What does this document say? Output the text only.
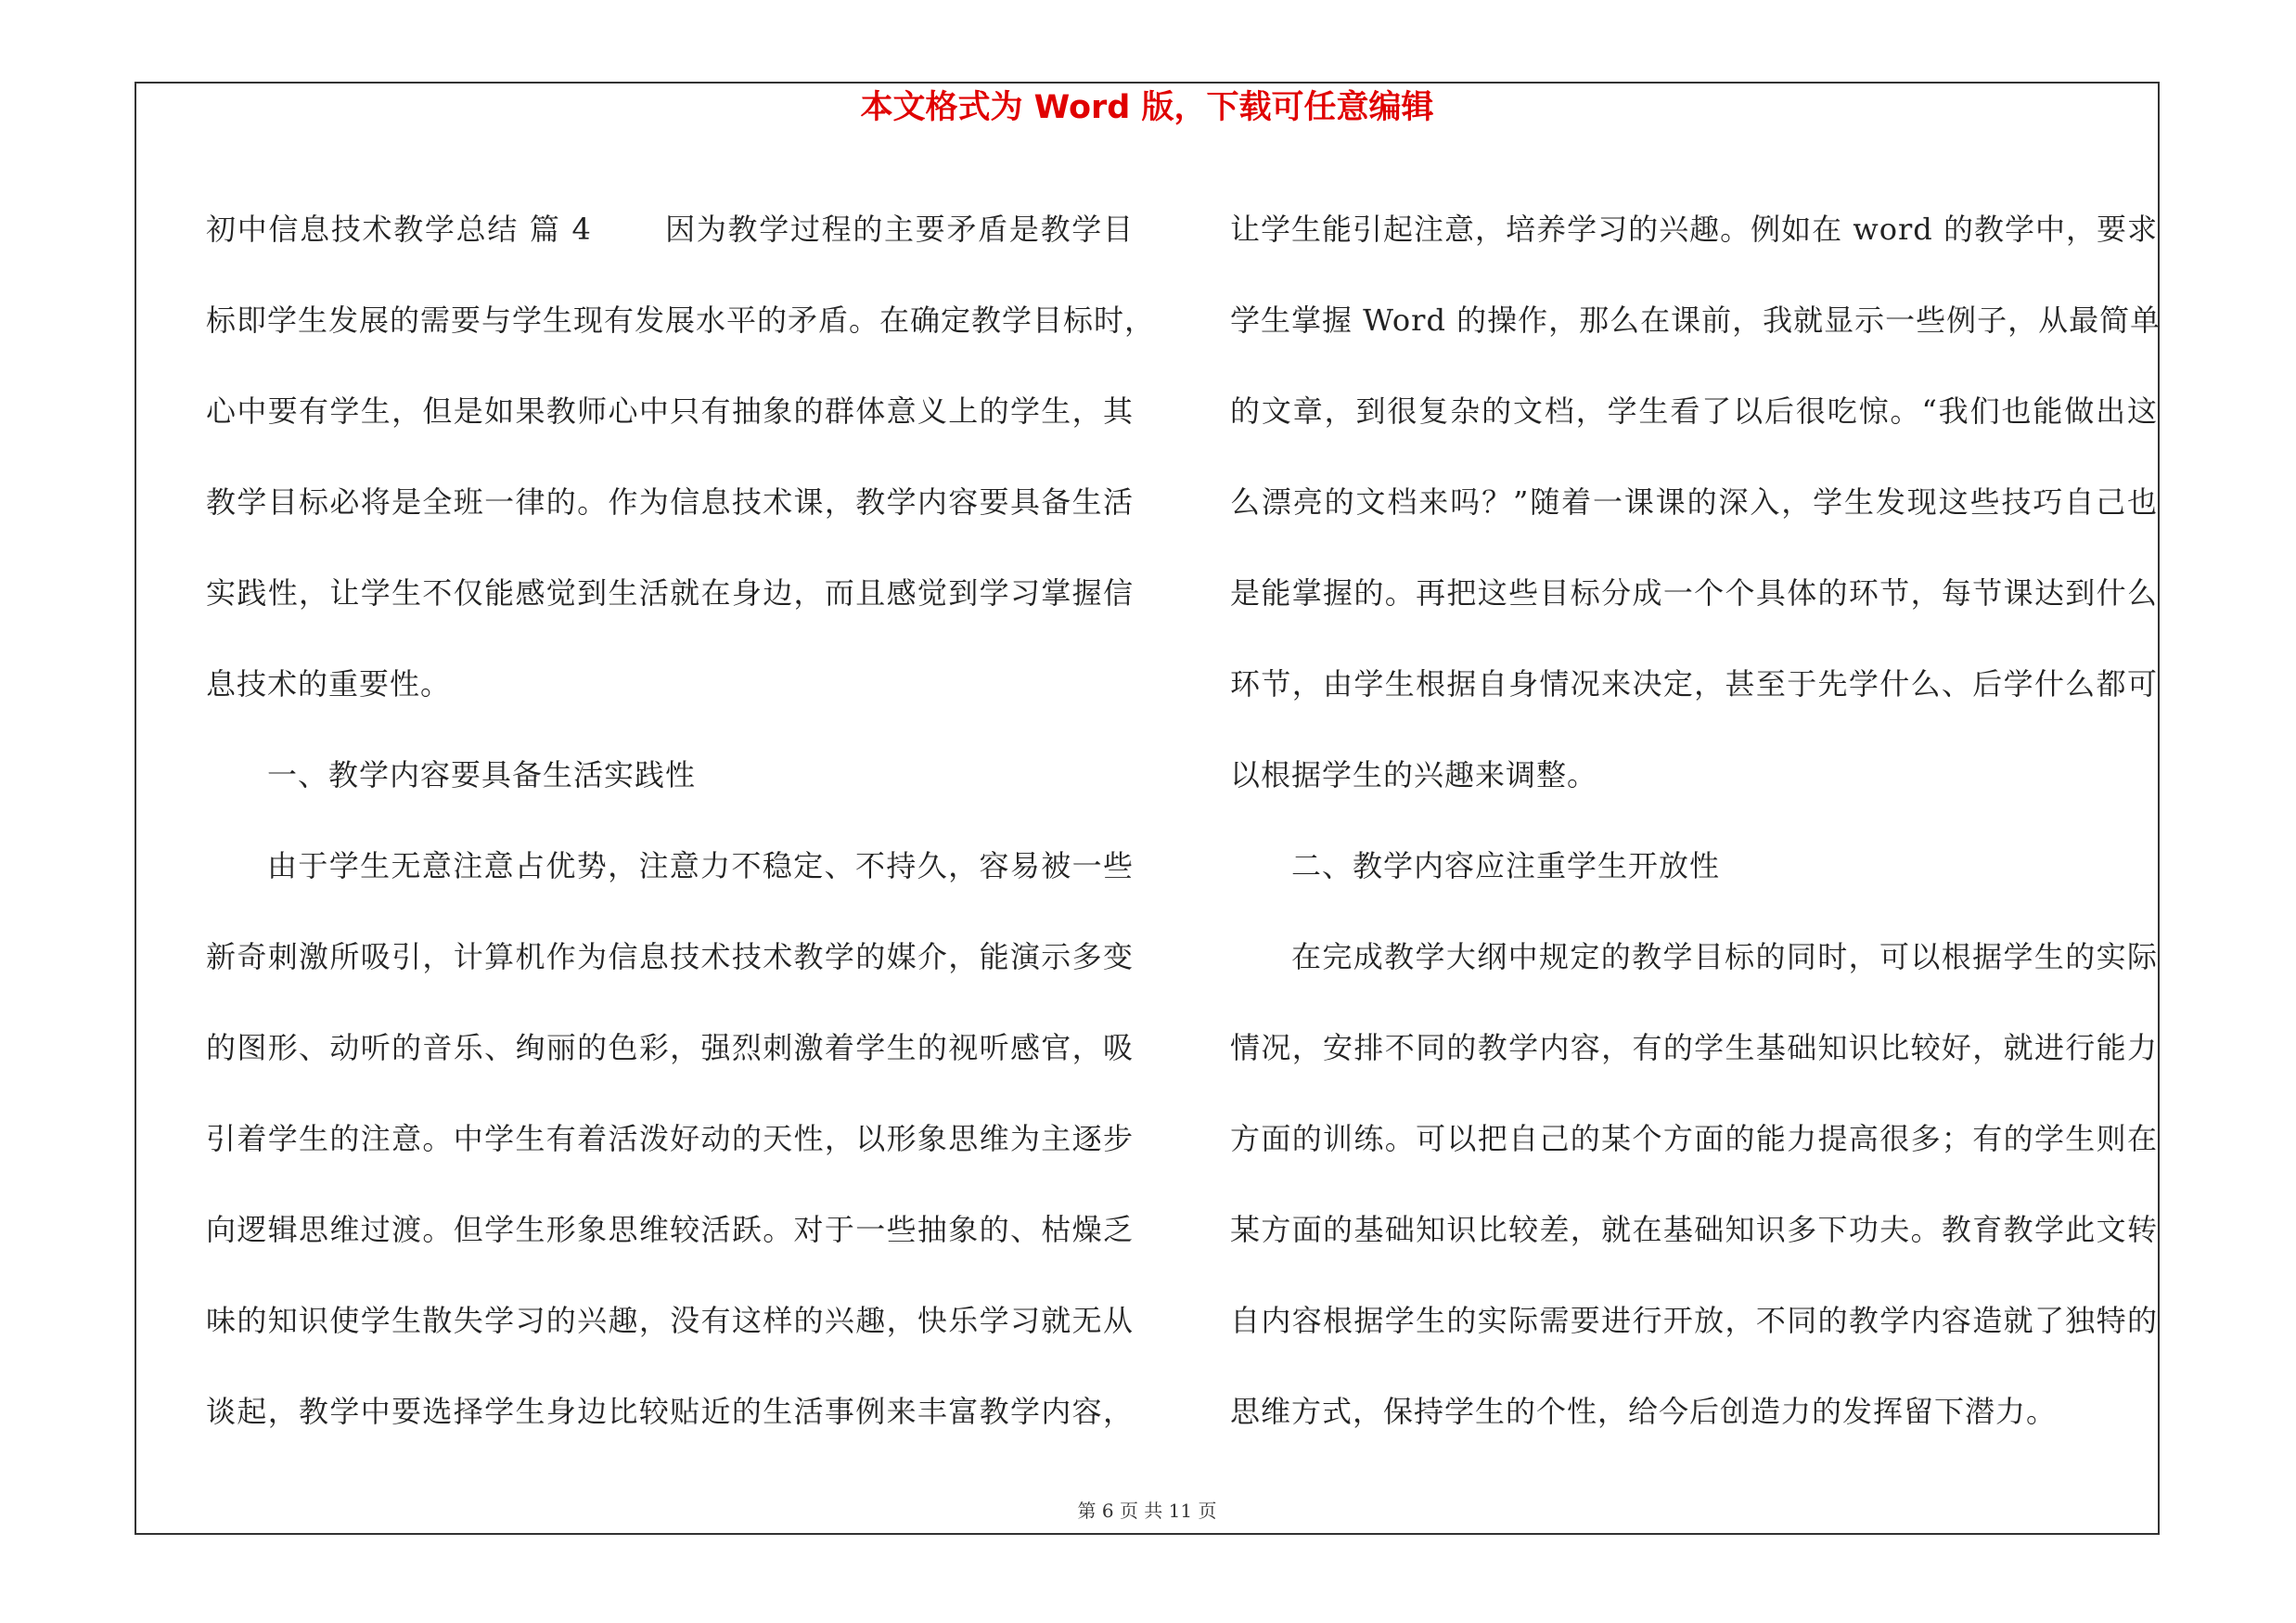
本文格式为 Word 版，下载可任意编辑
初中信息技术教学总结 篇 4 　　因为教学过程的主要矛盾是教学目
标即学生发展的需要与学生现有发展水平的矛盾。在确定教学目标时，
心中要有学生，但是如果教师心中只有抽象的群体意义上的学生，其
教学目标必将是全班一律的。作为信息技术课，教学内容要具备生活
实践性，让学生不仅能感觉到生活就在身边，而且感觉到学习掌握信
息技术的重要性。
一、教学内容要具备生活实践性
由于学生无意注意占优势，注意力不稳定、不持久，容易被一些
新奇刺激所吸引，计算机作为信息技术技术教学的媒介，能演示多变
的图形、动听的音乐、绚丽的色彩，强烈刺激着学生的视听感官，吸
引着学生的注意。中学生有着活泼好动的天性，以形象思维为主逐步
向逻辑思维过渡。但学生形象思维较活跃。对于一些抽象的、枯燥乏
味的知识使学生散失学习的兴趣，没有这样的兴趣，快乐学习就无从
谈起，教学中要选择学生身边比较贴近的生活事例来丰富教学内容，
让学生能引起注意，培养学习的兴趣。例如在 word 的教学中，要求
学生掌握 Word 的操作，那么在课前，我就显示一些例子，从最简单
的文章，到很复杂的文档，学生看了以后很吃惊。“我们也能做出这
么漂亮的文档来吗？”随着一课课的深入，学生发现这些技巧自己也
是能掌握的。再把这些目标分成一个个具体的环节，每节课达到什么
环节，由学生根据自身情况来决定，甚至于先学什么、后学什么都可
以根据学生的兴趣来调整。
二、教学内容应注重学生开放性
在完成教学大纲中规定的教学目标的同时，可以根据学生的实际
情况，安排不同的教学内容，有的学生基础知识比较好，就进行能力
方面的训练。可以把自己的某个方面的能力提高很多；有的学生则在
某方面的基础知识比较差，就在基础知识多下功夫。教育教学此文转
自内容根据学生的实际需要进行开放，不同的教学内容造就了独特的
思维方式，保持学生的个性，给今后创造力的发挥留下潜力。
第 6 页 共 11 页
